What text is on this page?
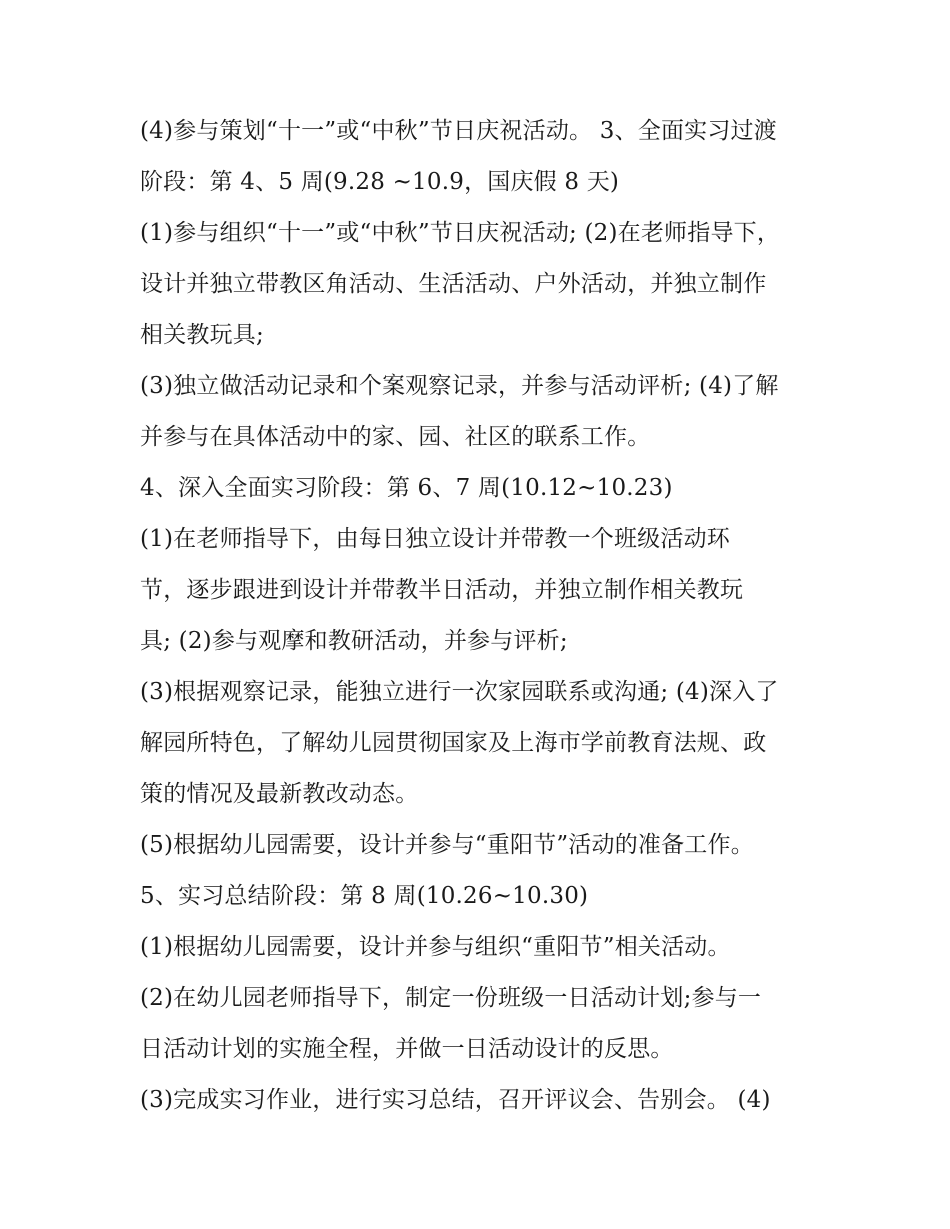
(4)参与策划“十一”或“中秋”节日庆祝活动。 3、全面实习过渡
阶段：第 4、5 周(9.28 ~10.9，国庆假 8 天)
(1)参与组织“十一”或“中秋”节日庆祝活动; (2)在老师指导下，
设计并独立带教区角活动、生活活动、户外活动，并独立制作
相关教玩具;
(3)独立做活动记录和个案观察记录，并参与活动评析; (4)了解
并参与在具体活动中的家、园、社区的联系工作。
4、深入全面实习阶段：第 6、7 周(10.12~10.23)
(1)在老师指导下，由每日独立设计并带教一个班级活动环
节，逐步跟进到设计并带教半日活动，并独立制作相关教玩
具; (2)参与观摩和教研活动，并参与评析;
(3)根据观察记录，能独立进行一次家园联系或沟通; (4)深入了
解园所特色，了解幼儿园贯彻国家及上海市学前教育法规、政
策的情况及最新教改动态。
(5)根据幼儿园需要，设计并参与“重阳节”活动的准备工作。
5、实习总结阶段：第 8 周(10.26~10.30)
(1)根据幼儿园需要，设计并参与组织“重阳节”相关活动。
(2)在幼儿园老师指导下，制定一份班级一日活动计划;参与一
日活动计划的实施全程，并做一日活动设计的反思。
(3)完成实习作业，进行实习总结，召开评议会、告别会。 (4)
